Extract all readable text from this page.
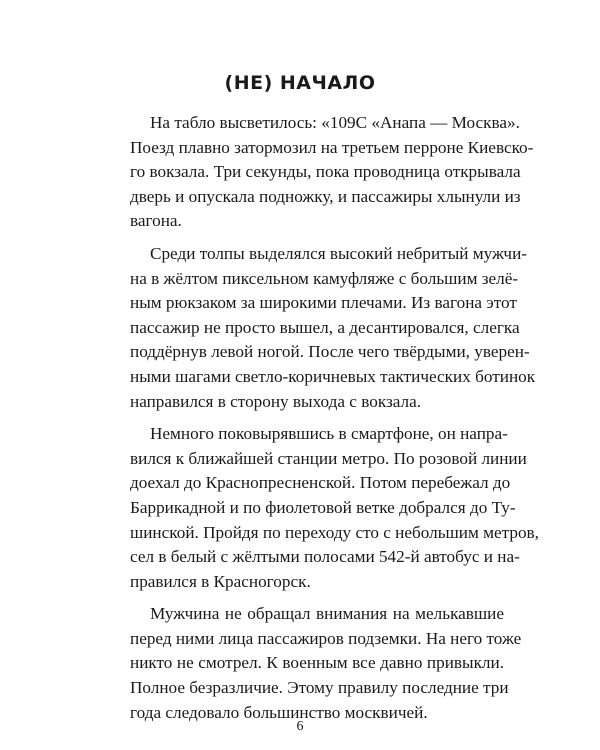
(НЕ) НАЧАЛО

На табло высветилось: «109С «Анапа — Москва».
Поезд плавно затормозил на третьем перроне Киевско-
го вокзала. Три секунды, пока проводница открывала
дверь и опускала подножку, и пассажиры хлынули из
вагона.

Среди толпы выделялся высокий небритый мужчи-
на в жёлтом пиксельном камуфляже с большим зелё-
ным рюкзаком за широкими плечами. Из вагона этот
пассажир не просто вышел, а десантировался, слегка
поддёрнув левой ногой. После чего твёрдыми, уверен-
ными шагами светло-коричневых тактических ботинок
направился в сторону выхода с вокзала.

Немного поковырявшись в смартфоне, он напра-
вился к ближайшей станции метро. По розовой линии
доехал до Краснопресненской. Потом перебежал до
Баррикадной и по фиолетовой ветке добрался до Ту-
шинской. Пройдя по переходу сто с небольшим метров,
сел в белый с жёлтыми полосами 542-й автобус и на-
правился в Красногорск.

Мужчина не обращал внимания на мелькавшие
перед ними лица пассажиров подземки. На него тоже
никто не смотрел. К военным все давно привыкли.
Полное безразличие. Этому правилу последние три
года следовало большинство москвичей.

6
